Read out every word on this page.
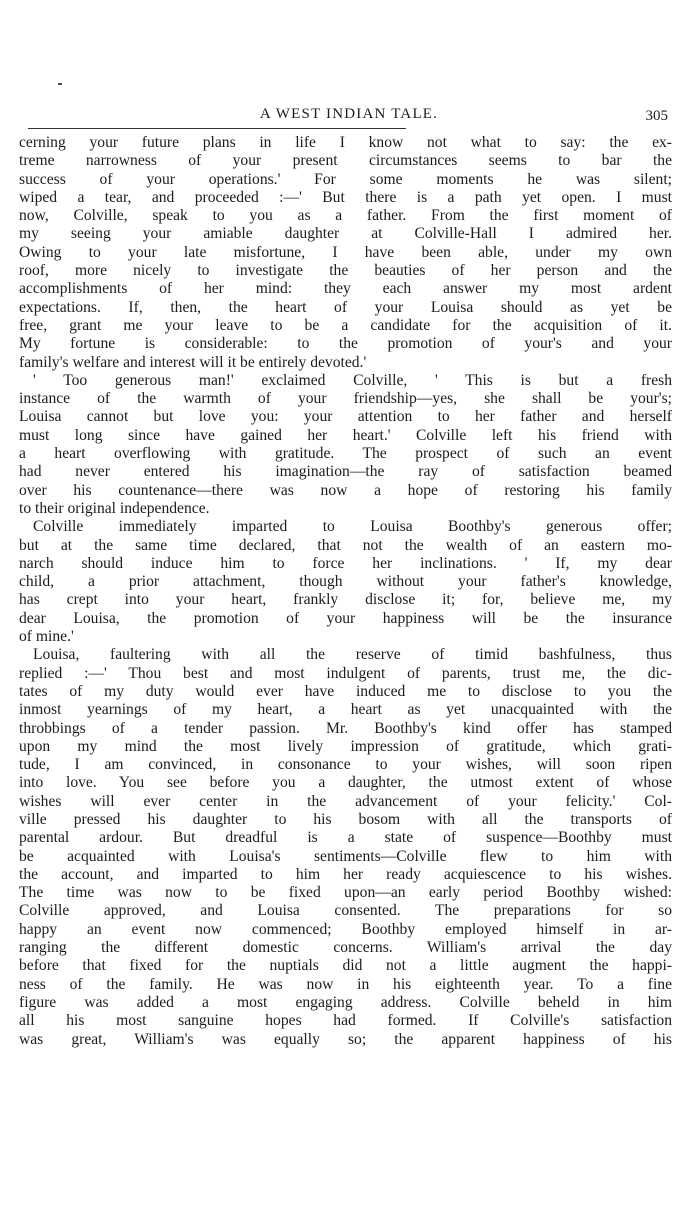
A WEST INDIAN TALE.	305
cerning your future plans in life I know not what to say: the ex-
treme narrowness of your present circumstances seems to bar the
success of your operations.' For some moments he was silent;
wiped a tear, and proceeded :—' But there is a path yet open. I must
now, Colville, speak to you as a father. From the first moment of
my seeing your amiable daughter at Colville-Hall I admired her.
Owing to your late misfortune, I have been able, under my own
roof, more nicely to investigate the beauties of her person and the
accomplishments of her mind: they each answer my most ardent
expectations. If, then, the heart of your Louisa should as yet be
free, grant me your leave to be a candidate for the acquisition of it.
My fortune is considerable: to the promotion of your's and your
family's welfare and interest will it be entirely devoted.'
' Too generous man!' exclaimed Colville, ' This is but a fresh
instance of the warmth of your friendship—yes, she shall be your's;
Louisa cannot but love you: your attention to her father and herself
must long since have gained her heart.' Colville left his friend with
a heart overflowing with gratitude. The prospect of such an event
had never entered his imagination—the ray of satisfaction beamed
over his countenance—there was now a hope of restoring his family
to their original independence.
Colville immediately imparted to Louisa Boothby's generous offer;
but at the same time declared, that not the wealth of an eastern mo-
narch should induce him to force her inclinations. ' If, my dear
child, a prior attachment, though without your father's knowledge,
has crept into your heart, frankly disclose it; for, believe me, my
dear Louisa, the promotion of your happiness will be the insurance
of mine.'
Louisa, faultering with all the reserve of timid bashfulness, thus
replied :—' Thou best and most indulgent of parents, trust me, the dic-
tates of my duty would ever have induced me to disclose to you the
inmost yearnings of my heart, a heart as yet unacquainted with the
throbbings of a tender passion. Mr. Boothby's kind offer has stamped
upon my mind the most lively impression of gratitude, which grati-
tude, I am convinced, in consonance to your wishes, will soon ripen
into love. You see before you a daughter, the utmost extent of whose
wishes will ever center in the advancement of your felicity.' Col-
ville pressed his daughter to his bosom with all the transports of
parental ardour. But dreadful is a state of suspence—Boothby must
be acquainted with Louisa's sentiments—Colville flew to him with
the account, and imparted to him her ready acquiescence to his wishes.
The time was now to be fixed upon—an early period Boothby wished:
Colville approved, and Louisa consented. The preparations for so
happy an event now commenced; Boothby employed himself in ar-
ranging the different domestic concerns. William's arrival the day
before that fixed for the nuptials did not a little augment the happi-
ness of the family. He was now in his eighteenth year. To a fine
figure was added a most engaging address. Colville beheld in him
all his most sanguine hopes had formed. If Colville's satisfaction
was great, William's was equally so; the apparent happiness of his
